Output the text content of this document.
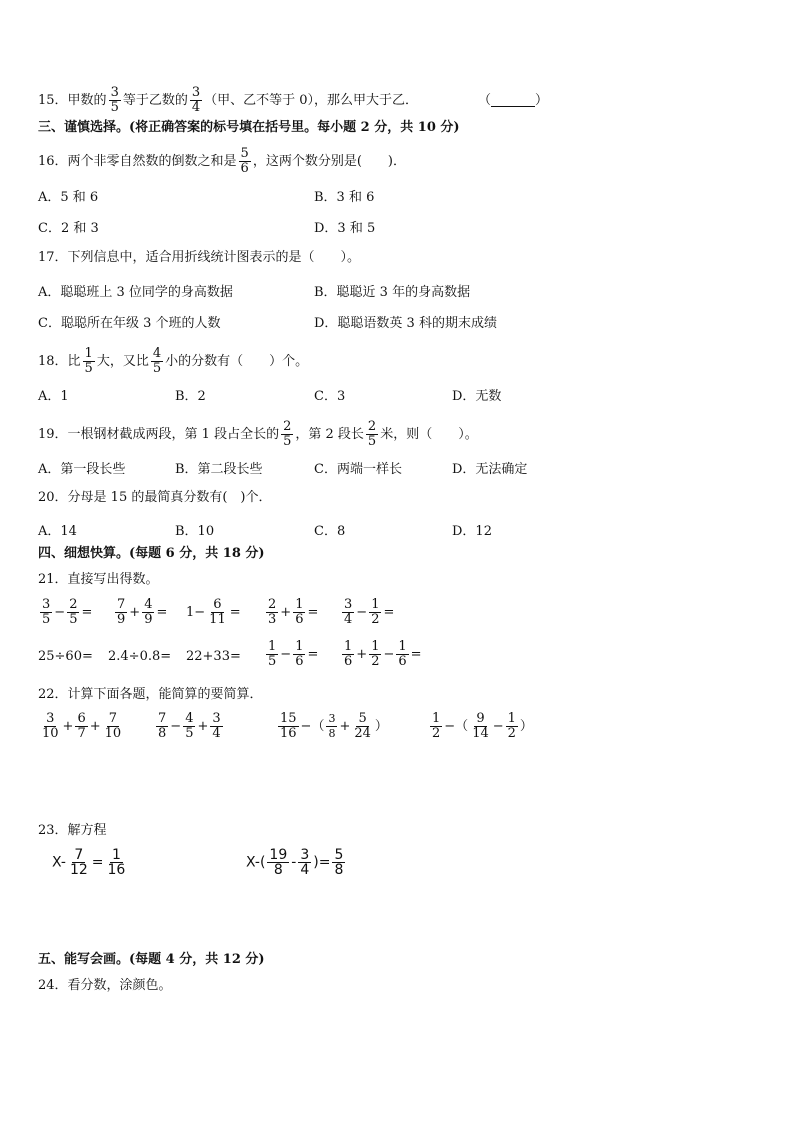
15．甲数的 $\frac{3}{5}$ 等于乙数的 $\frac{3}{4}$ （甲、乙不等于 0），那么甲大于乙．	（	）
三、谨慎选择。(将正确答案的标号填在括号里。每小题 2 分，共 10 分)
16．两个非零自然数的倒数之和是 $\frac{5}{6}$ ，这两个数分别是(　　)．
A．5 和 6	B．3 和 6
C．2 和 3	D．3 和 5
17．下列信息中，适合用折线统计图表示的是（　　）。
A．聪聪班上 3 位同学的身高数据	B．聪聪近 3 年的身高数据
C．聪聪所在年级 3 个班的人数	D．聪聪语数英 3 科的期末成绩
18．比 $\frac{1}{5}$ 大，又比 $\frac{4}{5}$ 小的分数有（　　）个。
A．1	B．2	C．3	D．无数
19．一根钢材截成两段，第 1 段占全长的 $\frac{2}{5}$ ，第 2 段长 $\frac{2}{5}$ 米，则（　　）。
A．第一段长些	B．第二段长些	C．两端一样长	D．无法确定
20．分母是 15 的最简真分数有(　)个．
A．14	B．10	C．8	D．12
四、细想快算。(每题 6 分，共 18 分)
21．直接写出得数。
$\frac{3}{5} - \frac{2}{5} = \frac{7}{9} + \frac{4}{9} = 1- \frac{6}{11} = \frac{2}{3} + \frac{1}{6} = \frac{3}{4} - \frac{1}{2}$ =
$25\div 60= 2.4\div 0.8= 22+33= \frac{1}{5} - \frac{1}{6} = \frac{1}{6} + \frac{1}{2} - \frac{1}{6}$ =
22．计算下面各题，能简算的要简算．
$\frac{3}{10} + \frac{6}{7} + \frac{7}{10}$	$\frac{7}{8} - \frac{4}{5} + \frac{3}{4}$	$\frac{15}{16}$ −（ $\frac{3}{8} + \frac{5}{24}$ ）	$\frac{1}{2}$ −（ $\frac{9}{14} - \frac{1}{2}$ ）
23．解方程
$X- \frac{7}{12} = \frac{1}{16}$	$X-( \frac{19}{8} - \frac{3}{4}$ )= $\frac{5}{8}$
五、能写会画。(每题 4 分，共 12 分)
24．看分数，涂颜色。
